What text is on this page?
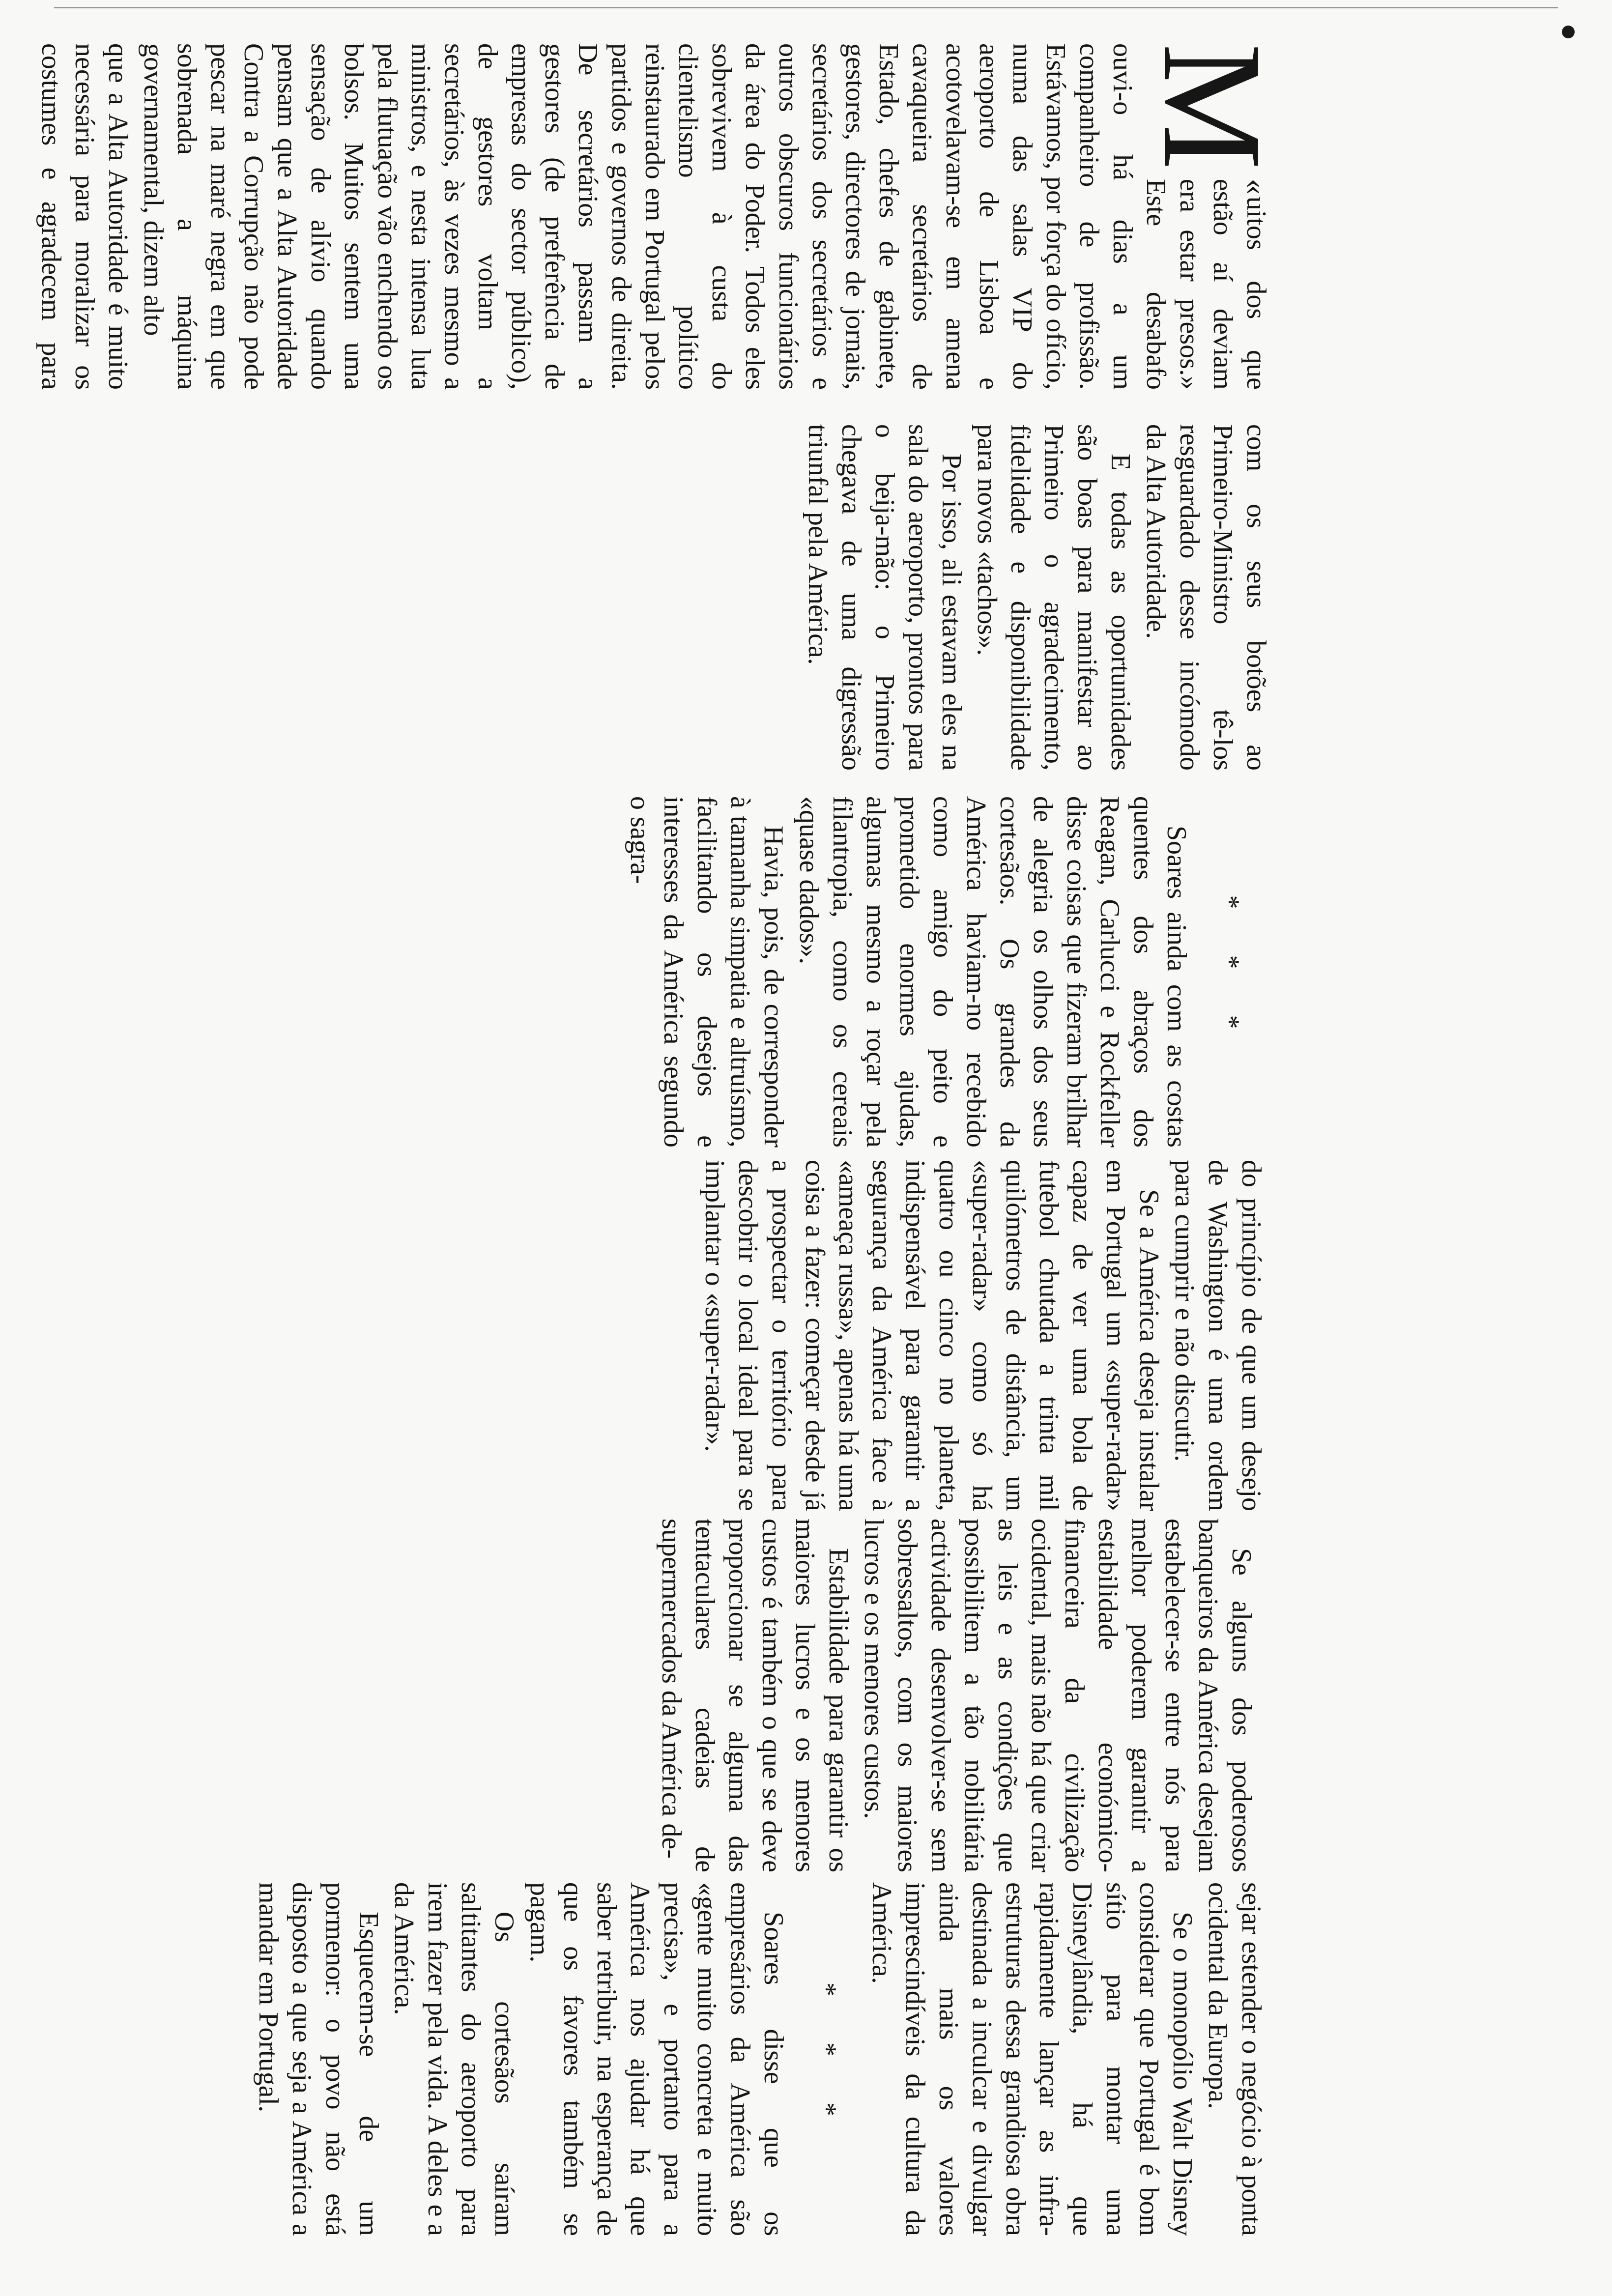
«
M
uitos dos que estão aí deviam era estar presos.» Este desabafo ouvi-o há dias a um companheiro de profissão. Estávamos, por força do ofício, numa das salas VIP do aeroporto de Lisboa e acotovelavam-se em amena cavaqueira secretários de Estado, chefes de gabinete, gestores, directores de jornais, secretários dos secretários e outros obscuros funcionários da área do Poder. Todos eles sobrevivem à custa do clientelismo político reinstaurado em Portugal pelos partidos e governos de direita. De secretários passam a gestores (de preferência de empresas do sector público), de gestores voltam a secretários, às vezes mesmo a ministros, e nesta intensa luta pela flutuação vão enchendo os bolsos. Muitos sentem uma sensação de alívio quando pensam que a Alta Autoridade Contra a Corrupção não pode pescar na maré negra em que sobrenada a máquina governamental, dizem alto

que a Alta Autoridade é muito necessária para moralizar os costumes e agradecem para com os seus botões ao Primeiro-Ministro tê-los resguardado desse incómodo da Alta Autoridade.

E todas as oportunidades são boas para manifestar ao Primeiro o agradecimento, fidelidade e disponibilidade para novos «tachos».

Por isso, ali estavam eles na sala do aeroporto, prontos para o beija-mão: o Primeiro chegava de uma digressão triunfal pela América.

* * *

Soares ainda com as costas quentes dos abraços dos Reagan, Carlucci e Rockfeller disse coisas que fizeram brilhar de alegria os olhos dos seus cortesãos. Os grandes da América haviam-no recebido como amigo do peito e prometido enormes ajudas, algumas mesmo a roçar pela filantropia, como os cereais «quase dados».

Havia, pois, de corresponder à tamanha simpatia e altruísmo, facilitando os desejos e interesses da América segundo o sagra-

do princípio de que um desejo de Washington é uma ordem para cumprir e não discutir.

Se a América deseja instalar em Portugal um «super-radar» capaz de ver uma bola de futebol chutada a trinta mil quilómetros de distância, um «super-radar» como só há quatro ou cinco no planeta, indispensável para garantir a segurança da América face à «ameaça russa», apenas há uma coisa a fazer: começar desde já a prospectar o território para descobrir o local ideal para se implantar o «super-radar».

Se alguns dos poderosos banqueiros da América desejam estabelecer-se entre nós para melhor poderem garantir a estabilidade económico-financeira da civilização ocidental, mais não há que criar as leis e as condições que possibilitem a tão nobilitária actividade desenvolver-se sem sobressaltos, com os maiores lucros e os menores custos.

Estabilidade para garantir os maiores lucros e os menores custos é também o que se deve proporcionar se alguma das tentaculares cadeias de supermercados da América de-

sejar estender o negócio à ponta ocidental da Europa.

Se o monopólio Walt Disney considerar que Portugal é bom sítio para montar uma Disneylândia, há que rapidamente lançar as infra-estruturas dessa grandiosa obra destinada a inculcar e divulgar ainda mais os valores imprescindíveis da cultura da América.

* * *

Soares disse que os empresários da América são «gente muito concreta e muito precisa», e portanto para a América nos ajudar há que saber retribuir, na esperança de que os favores também se pagam.

Os cortesãos saíram saltitantes do aeroporto para irem fazer pela vida. A deles e a da América.

Esquecem-se de um pormenor: o povo não está disposto a que seja a América a mandar em Portugal.
